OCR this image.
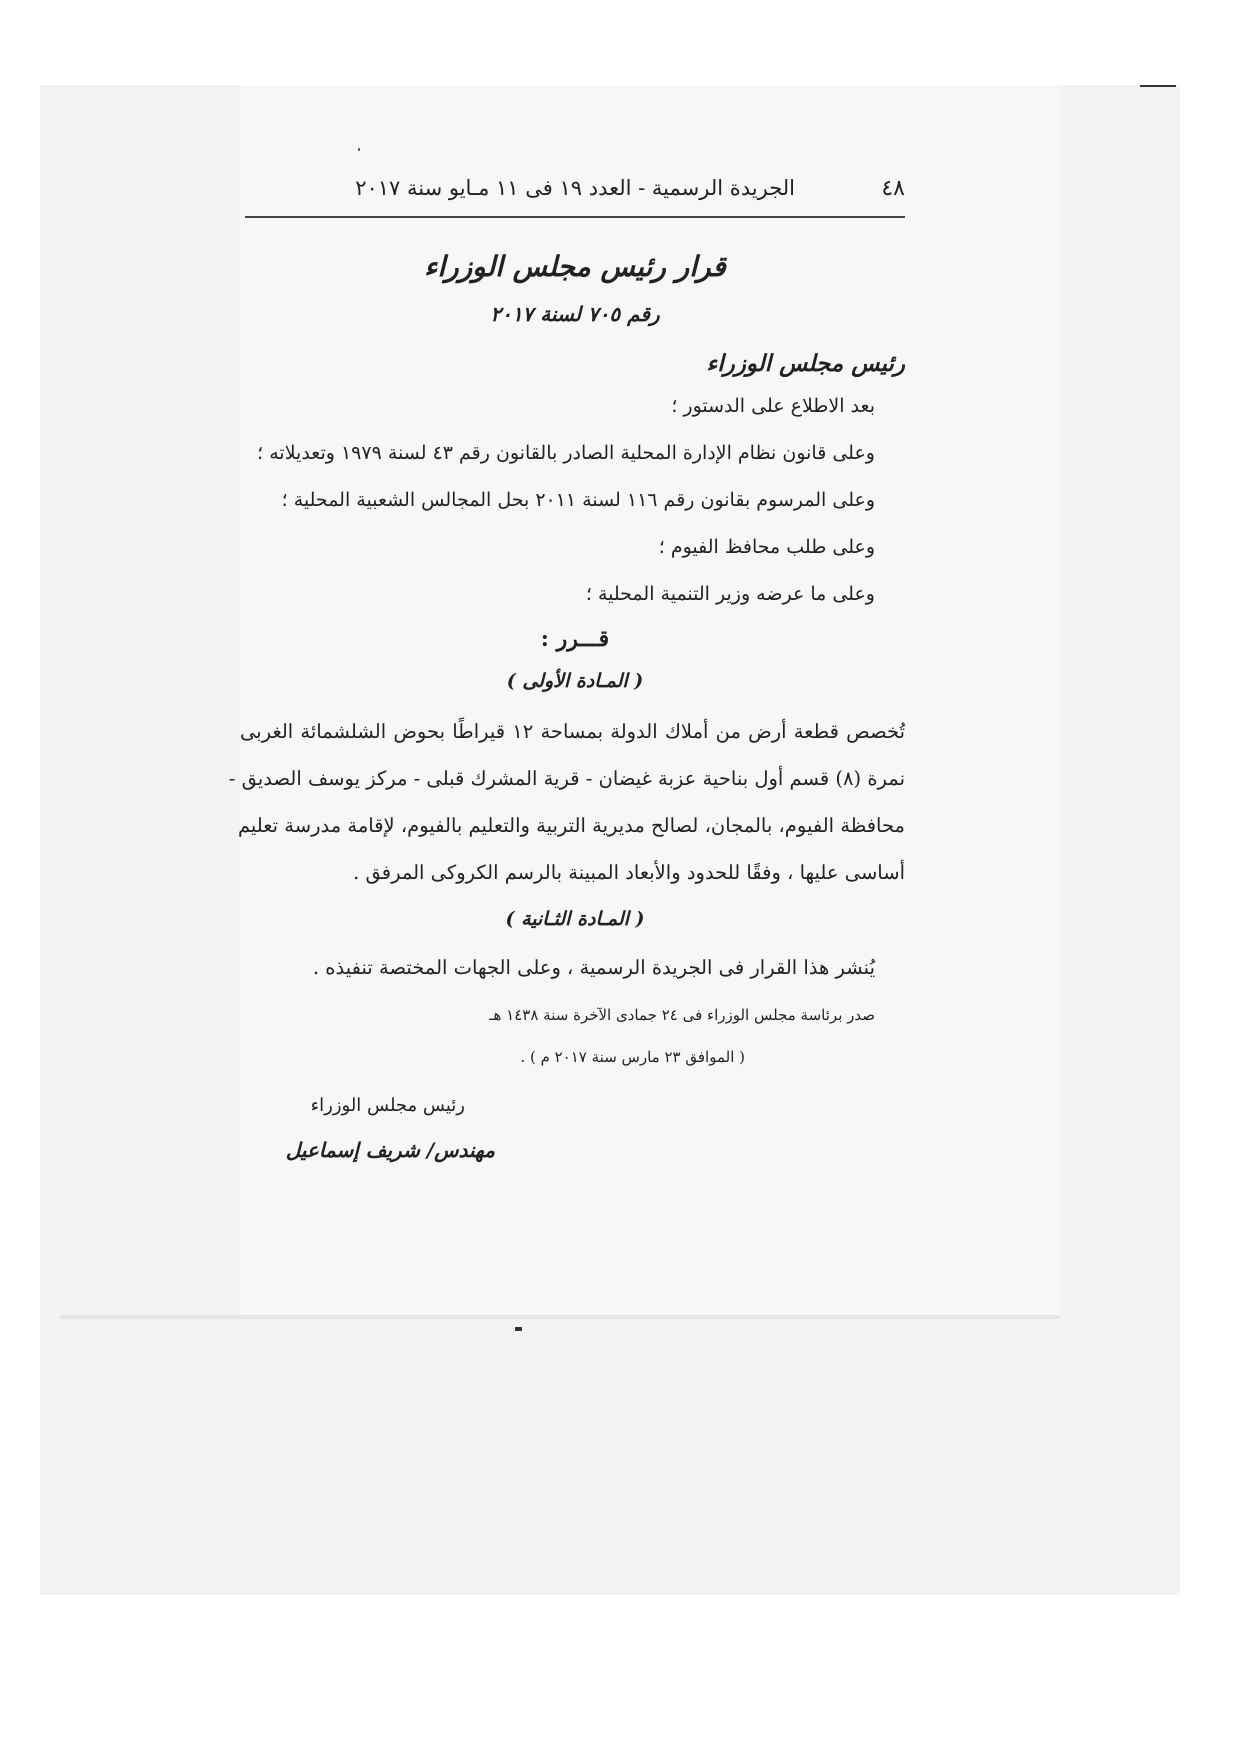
٤٨
الجريدة الرسمية - العدد ١٩ فى ١١ مـايو سنة ٢٠١٧
قرار رئيس مجلس الوزراء
رقم ٧٠٥ لسنة ٢٠١٧
رئيس مجلس الوزراء
بعد الاطلاع على الدستور ؛
وعلى قانون نظام الإدارة المحلية الصادر بالقانون رقم ٤٣ لسنة ١٩٧٩ وتعديلاته ؛
وعلى المرسوم بقانون رقم ١١٦ لسنة ٢٠١١ بحل المجالس الشعبية المحلية ؛
وعلى طلب محافظ الفيوم ؛
وعلى ما عرضه وزير التنمية المحلية ؛
قـــرر :
( المـادة الأولى )
تُخصص قطعة أرض من أملاك الدولة بمساحة ١٢ قيراطًا بحوض الشلشمائة الغربى
نمرة (٨) قسم أول بناحية عزبة غيضان - قرية المشرك قبلى - مركز يوسف الصديق -
محافظة الفيوم، بالمجان، لصالح مديرية التربية والتعليم بالفيوم، لإقامة مدرسة تعليم
أساسى عليها ، وفقًا للحدود والأبعاد المبينة بالرسم الكروكى المرفق .
( المـادة الثـانية )
يُنشر هذا القرار فى الجريدة الرسمية ، وعلى الجهات المختصة تنفيذه .
صدر برئاسة مجلس الوزراء فى ٢٤ جمادى الآخرة سنة ١٤٣٨ هـ
( الموافق ٢٣ مارس سنة ٢٠١٧ م ) .
رئيس مجلس الوزراء
مهندس/ شريف إسماعيل
